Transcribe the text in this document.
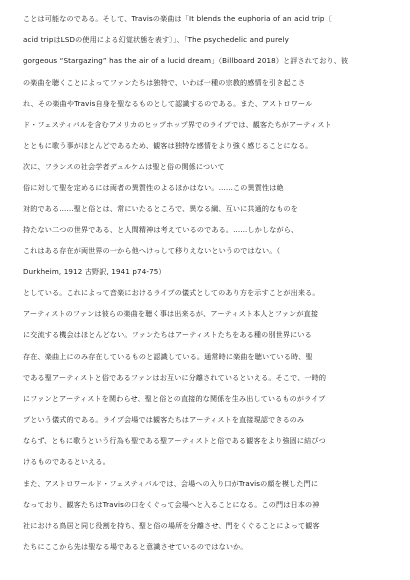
ことは可能なのである。そして、Travisの楽曲は「It blends the euphoria of an acid trip〔
acid tripはLSDの使用による幻覚状態を表す〕」、「The psychedelic and purely
gorgeous “Stargazing” has the air of a lucid dream」（Billboard 2018）と評されており、彼
の楽曲を聴くことによってファンたちは独特で、いわば一種の宗教的感情を引き起こさ
れ、その楽曲やTravis自身を聖なるものとして認識するのである。また、アストロワール
ド・フェスティバルを含むアメリカのヒップホップ界でのライブでは、観客たちがアーティスト
とともに歌う事がほとんどであるため、観客は独特な感情をより強く感じることになる。
次に、フランスの社会学者デュルケムは聖と俗の関係について
俗に対して聖を定めるには両者の異質性のよるほかはない。……この異質性は絶
対的である……聖と俗とは、常にいたるところで、異なる綱、互いに共通的なものを
持たない二つの世界である、と人間精神は考えているのである。……しかしながら、
これはある存在が両世界の一から他へけっして移りえないというのではない。（
Durkheim, 1912 古野訳, 1941 p74-75）
としている。これによって音楽におけるライブの儀式としてのあり方を示すことが出来る。
アーティストのファンは彼らの楽曲を聴く事は出来るが、アーティスト本人とファンが直接
に交流する機会はほとんどない。ファンたちはアーティストたちをある種の別世界にいる
存在、楽曲上にのみ存在しているものと認識している。通常時に楽曲を聴いている時、聖
である聖アーティストと俗であるファンはお互いに分離されているといえる。そこで、一時的
にファンとアーティストを関わらせ、聖と俗との直接的な関係を生み出しているものがライブ
ブという儀式的である。ライブ会場では観客たちはアーティストを直接現認できるのみ
ならず、ともに歌うという行為も聖である聖アーティストと俗である観客をより強固に結びつ
けるものであるといえる。
また、アストロワールド・フェスティバルでは、会場への入り口がTravisの顔を模した門に
なっており、観客たちはTravisの口をくぐって会場へと入ることになる。この門は日本の神
社における鳥居と同じ役割を持ち、聖と俗の場所を分離させ、門をくぐることによって観客
たちにここから先は聖なる場であると意識させているのではないか。
